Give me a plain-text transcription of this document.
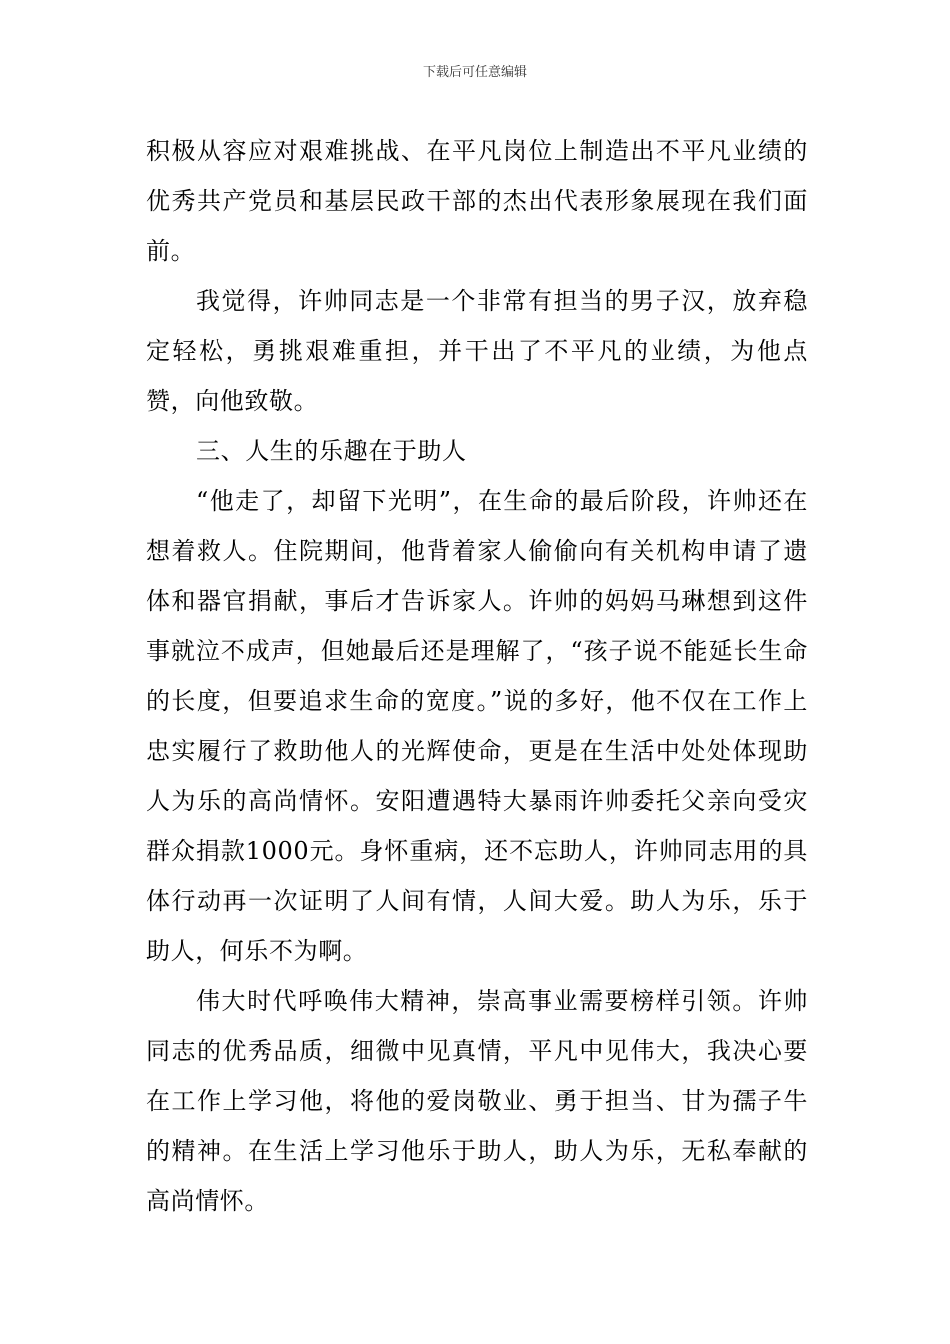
下载后可任意编辑

积极从容应对艰难挑战、在平凡岗位上制造出不平凡业绩的优秀共产党员和基层民政干部的杰出代表形象展现在我们面前。

我觉得，许帅同志是一个非常有担当的男子汉，放弃稳定轻松，勇挑艰难重担，并干出了不平凡的业绩，为他点赞，向他致敬。

三、人生的乐趣在于助人

“他走了，却留下光明”，在生命的最后阶段，许帅还在想着救人。住院期间，他背着家人偷偷向有关机构申请了遗体和器官捐献，事后才告诉家人。许帅的妈妈马琳想到这件事就泣不成声，但她最后还是理解了，“孩子说不能延长生命的长度，但要追求生命的宽度。”说的多好，他不仅在工作上忠实履行了救助他人的光辉使命，更是在生活中处处体现助人为乐的高尚情怀。安阳遭遇特大暴雨许帅委托父亲向受灾群众捐款1000元。身怀重病，还不忘助人，许帅同志用的具体行动再一次证明了人间有情，人间大爱。助人为乐，乐于助人，何乐不为啊。

伟大时代呼唤伟大精神，崇高事业需要榜样引领。许帅同志的优秀品质，细微中见真情，平凡中见伟大，我决心要在工作上学习他，将他的爱岗敬业、勇于担当、甘为孺子牛的精神。在生活上学习他乐于助人，助人为乐，无私奉献的高尚情怀。
